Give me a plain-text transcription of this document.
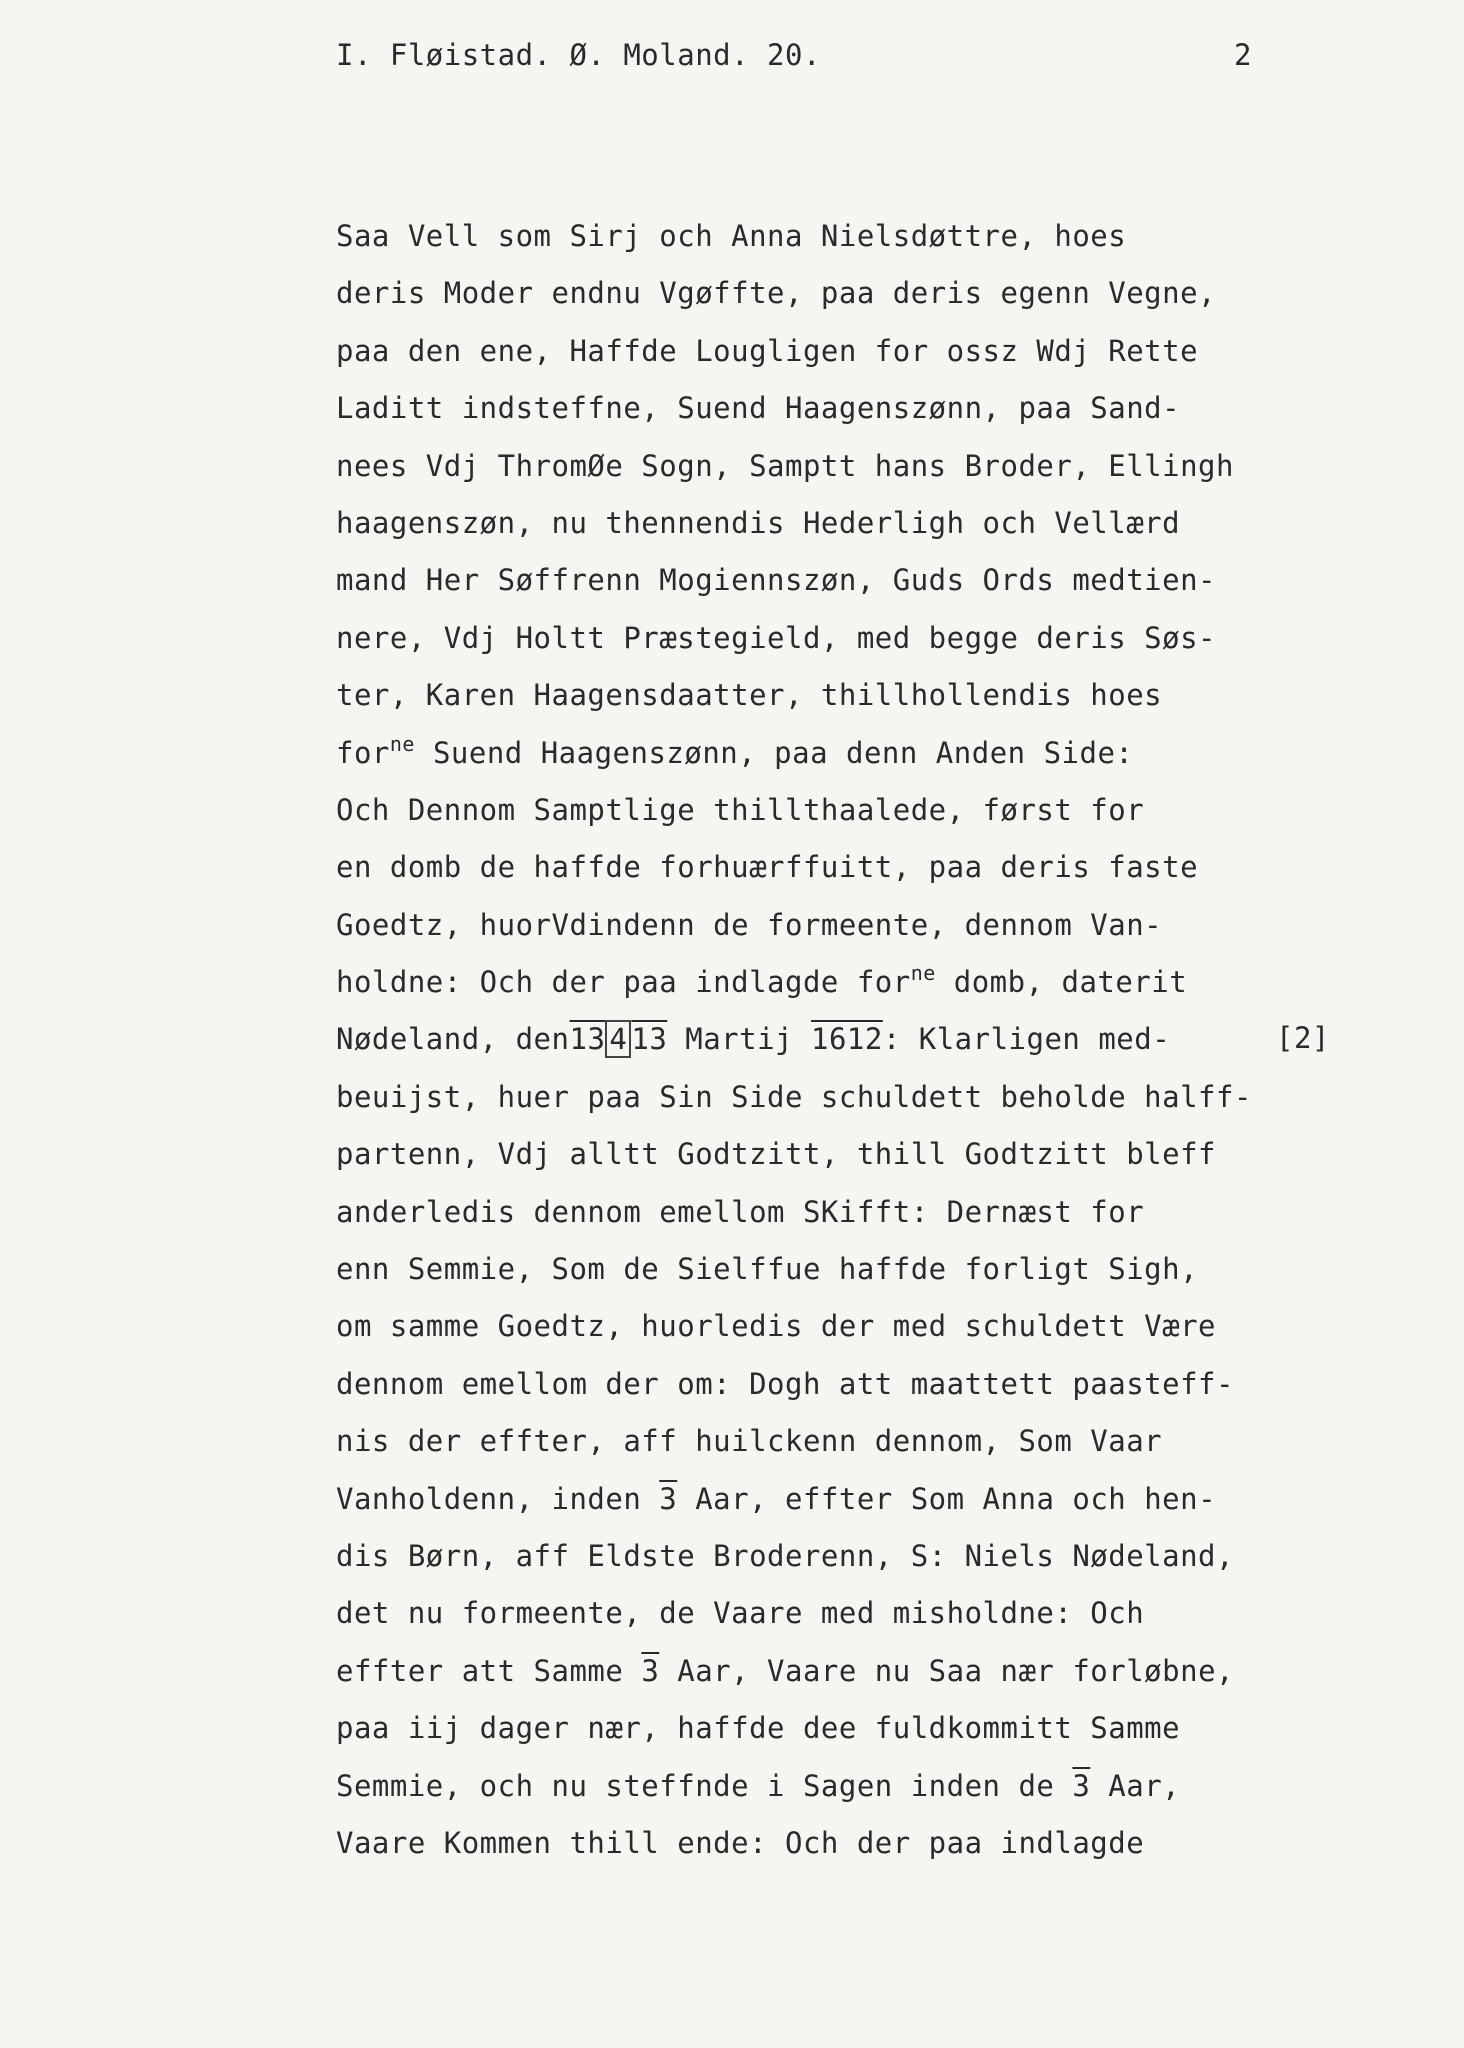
I. Fløistad. Ø. Moland. 20.	2
[2]
Saa Vell som Sirj och Anna Nielsdøttre, hoes
deris Moder endnu Vgøffte, paa deris egenn Vegne,
paa den ene, Haffde Lougligen for ossz Wdj Rette
Laditt indsteffne, Suend Haagenszønn, paa Sand-
nees Vdj ThromØe Sogn, Samptt hans Broder, Ellingh
haagenszøn, nu thennendis Hederligh och Vellærd
mand Her Søffrenn Mogiennszøn, Guds Ords medtien-
nere, Vdj Holtt Præstegield, med begge deris Søs-
ter, Karen Haagensdaatter, thillhollendis hoes
for$^{ne}$ Suend Haagenszønn, paa denn Anden Side:
Och Dennom Samptlige thillthaalede, først for
en domb de haffde forhuærffuitt, paa deris faste
Goedtz, huorVdindenn de formeente, dennom Van-
holdne: Och der paa indlagde for$^{ne}$ domb, daterit
Nødeland, den13 4 13 Martij 1612: Klarligen med-
beuijst, huer paa Sin Side schuldett beholde halff-
partenn, Vdj alltt Godtzitt, thill Godtzitt bleff
anderledis dennom emellom SKifft: Dernæst for
enn Semmie, Som de Sielffue haffde forligt Sigh,
om samme Goedtz, huorledis der med schuldett Være
dennom emellom der om: Dogh att maattett paasteff-
nis der effter, aff huilckenn dennom, Som Vaar
Vanholdenn, inden 3 Aar, effter Som Anna och hen-
dis Børn, aff Eldste Broderenn, S: Niels Nødeland,
det nu formeente, de Vaare med misholdne: Och
effter att Samme 3 Aar, Vaare nu Saa nær forløbne,
paa iij dager nær, haffde dee fuldkommitt Samme
Semmie, och nu steffnde i Sagen inden de 3 Aar,
Vaare Kommen thill ende: Och der paa indlagde
